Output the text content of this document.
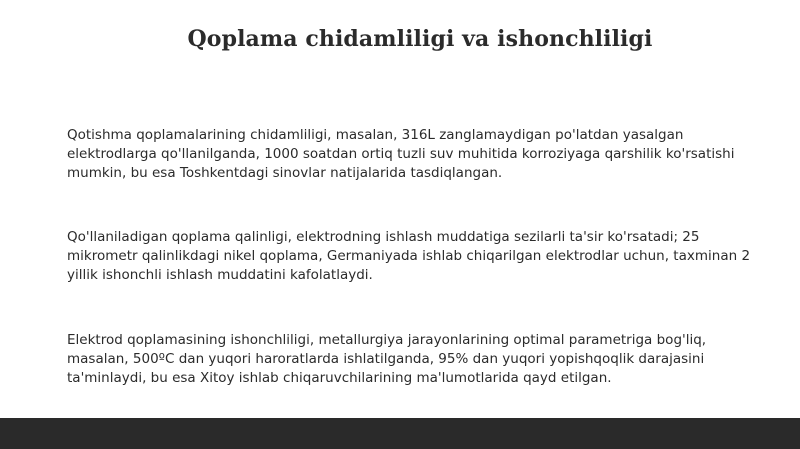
Qoplama chidamliligi va ishonchliligi
Qotishma qoplamalarining chidamliligi, masalan, 316L zanglamaydigan po'latdan yasalgan elektrodlarga qo'llanilganda, 1000 soatdan ortiq tuzli suv muhitida korroziyaga qarshilik ko'rsatishi mumkin, bu esa Toshkentdagi sinovlar natijalarida tasdiqlangan.
Qo'llaniladigan qoplama qalinligi, elektrodning ishlash muddatiga sezilarli ta'sir ko'rsatadi; 25 mikrometr qalinlikdagi nikel qoplama, Germaniyada ishlab chiqarilgan elektrodlar uchun, taxminan 2 yillik ishonchli ishlash muddatini kafolatlaydi.
Elektrod qoplamasining ishonchliligi, metallurgiya jarayonlarining optimal parametriga bog'liq, masalan, 500ºC dan yuqori haroratlarda ishlatilganda, 95% dan yuqori yopishqoqlik darajasini ta'minlaydi, bu esa Xitoy ishlab chiqaruvchilarining ma'lumotlarida qayd etilgan.
